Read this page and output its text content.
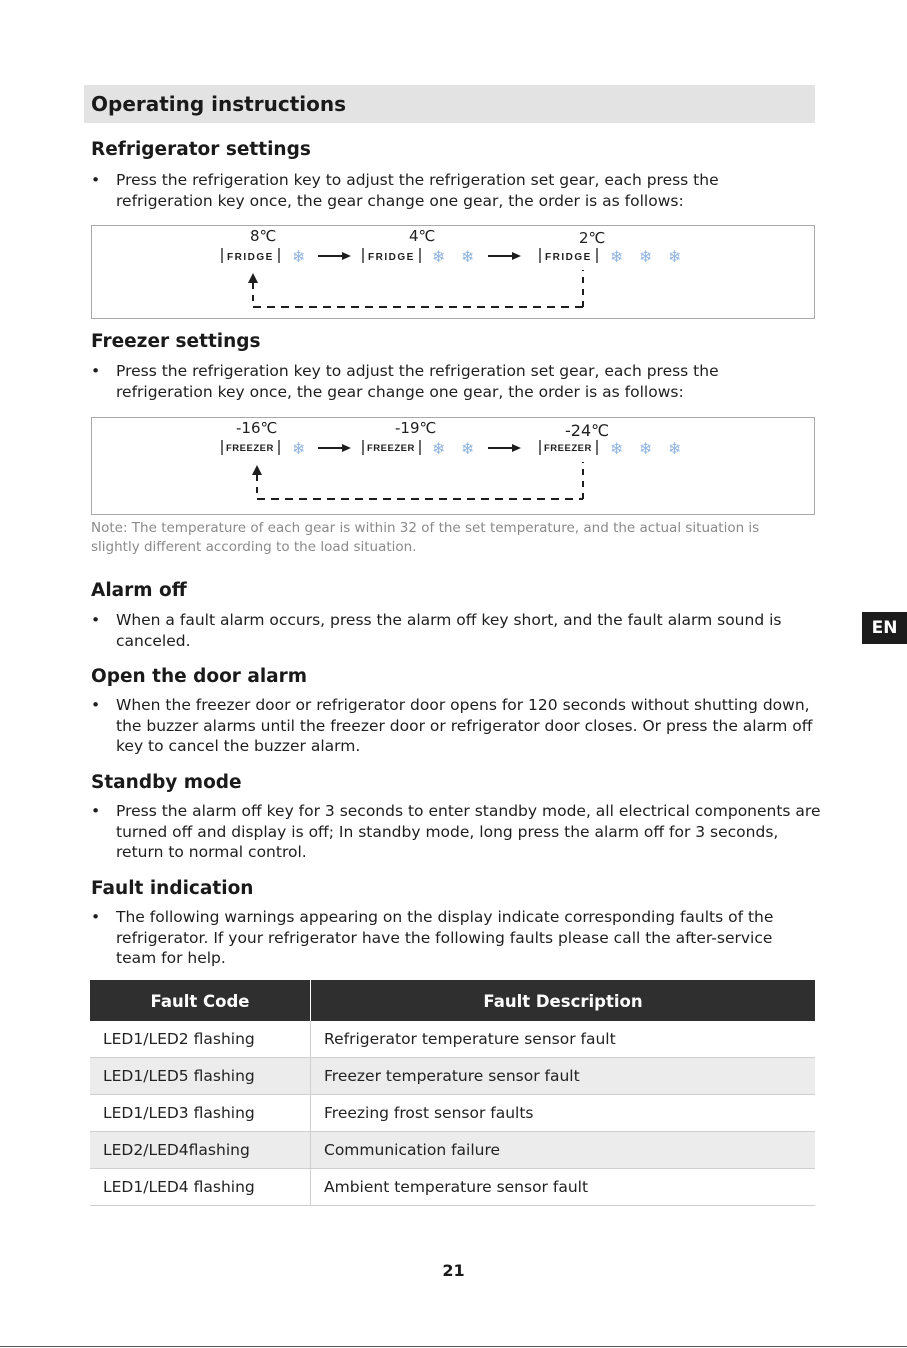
Operating instructions
Refrigerator settings
• Press the refrigeration key to adjust the refrigeration set gear, each press the refrigeration key once, the gear change one gear, the order is as follows:
8℃	4℃	2℃
FRIDGE	FRIDGE	FRIDGE
❄	❄ ❄	❄ ❄ ❄
Freezer settings
• Press the refrigeration key to adjust the refrigeration set gear, each press the refrigeration key once, the gear change one gear, the order is as follows:
-16℃	-19℃	-24℃
FREEZER	FREEZER	FREEZER
❄	❄ ❄	❄ ❄ ❄
Note: The temperature of each gear is within 32 of the set temperature, and the actual situation is slightly different according to the load situation.
Alarm off
• When a fault alarm occurs, press the alarm off key short, and the fault alarm sound is canceled.
Open the door alarm
• When the freezer door or refrigerator door opens for 120 seconds without shutting down, the buzzer alarms until the freezer door or refrigerator door closes. Or press the alarm off key to cancel the buzzer alarm.
Standby mode
• Press the alarm off key for 3 seconds to enter standby mode, all electrical components are turned off and display is off; In standby mode, long press the alarm off for 3 seconds, return to normal control.
Fault indication
• The following warnings appearing on the display indicate corresponding faults of the refrigerator. If your refrigerator have the following faults please call the after-service team for help.
Fault Code	Fault Description
LED1/LED2 flashing	Refrigerator temperature sensor fault
LED1/LED5 flashing	Freezer temperature sensor fault
LED1/LED3 flashing	Freezing frost sensor faults
LED2/LED4flashing	Communication failure
LED1/LED4 flashing	Ambient temperature sensor fault
EN
21
